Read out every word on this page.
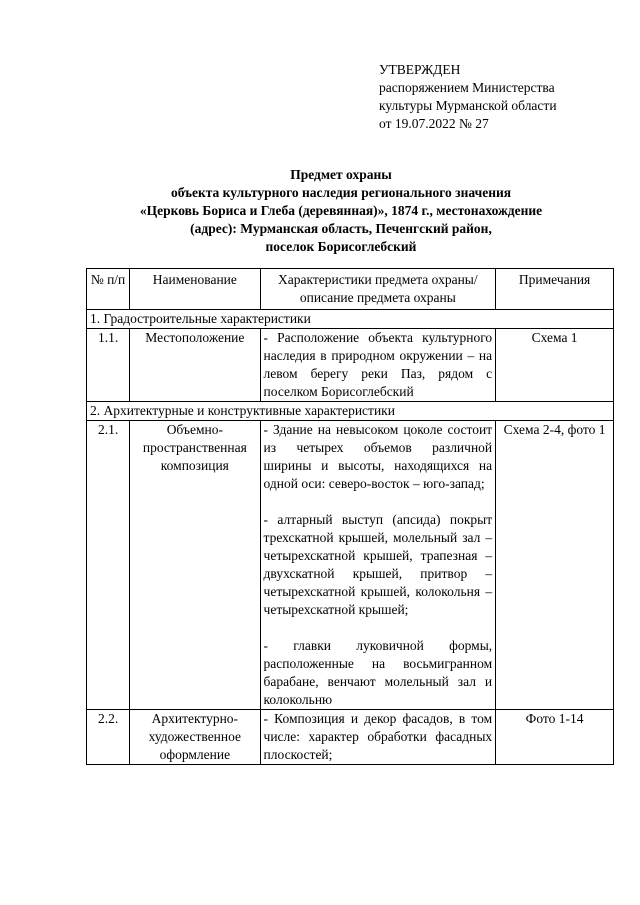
УТВЕРЖДЕН
распоряжением Министерства
культуры Мурманской области
от 19.07.2022 № 27
Предмет охраны
объекта культурного наследия регионального значения
«Церковь Бориса и Глеба (деревянная)», 1874 г., местонахождение
(адрес): Мурманская область, Печенгский район,
поселок Борисоглебский
№ п/п	Наименование	Характеристики предмета охраны/ описание предмета охраны	Примечания
1. Градостроительные характеристики			
1.1.	Местоположение	- Расположение объекта культурного наследия в природном окружении – на левом берегу реки Паз, рядом с поселком Борисоглебский	Схема 1
2. Архитектурные и конструктивные характеристики			
2.1.	Объемно-пространственная композиция	- Здание на невысоком цоколе состоит из четырех объемов различной ширины и высоты, находящихся на одной оси: северо-восток – юго-запад;

- алтарный выступ (апсида) покрыт трехскатной крышей, молельный зал – четырехскатной крышей, трапезная – двухскатной крышей, притвор – четырехскатной крышей, колокольня – четырехскатной крышей;

- главки луковичной формы, расположенные на восьмигранном барабане, венчают молельный зал и колокольню	Схема 2-4, фото 1
2.2.	Архитектурно-художественное оформление	- Композиция и декор фасадов, в том числе: характер обработки фасадных плоскостей;	Фото 1-14
